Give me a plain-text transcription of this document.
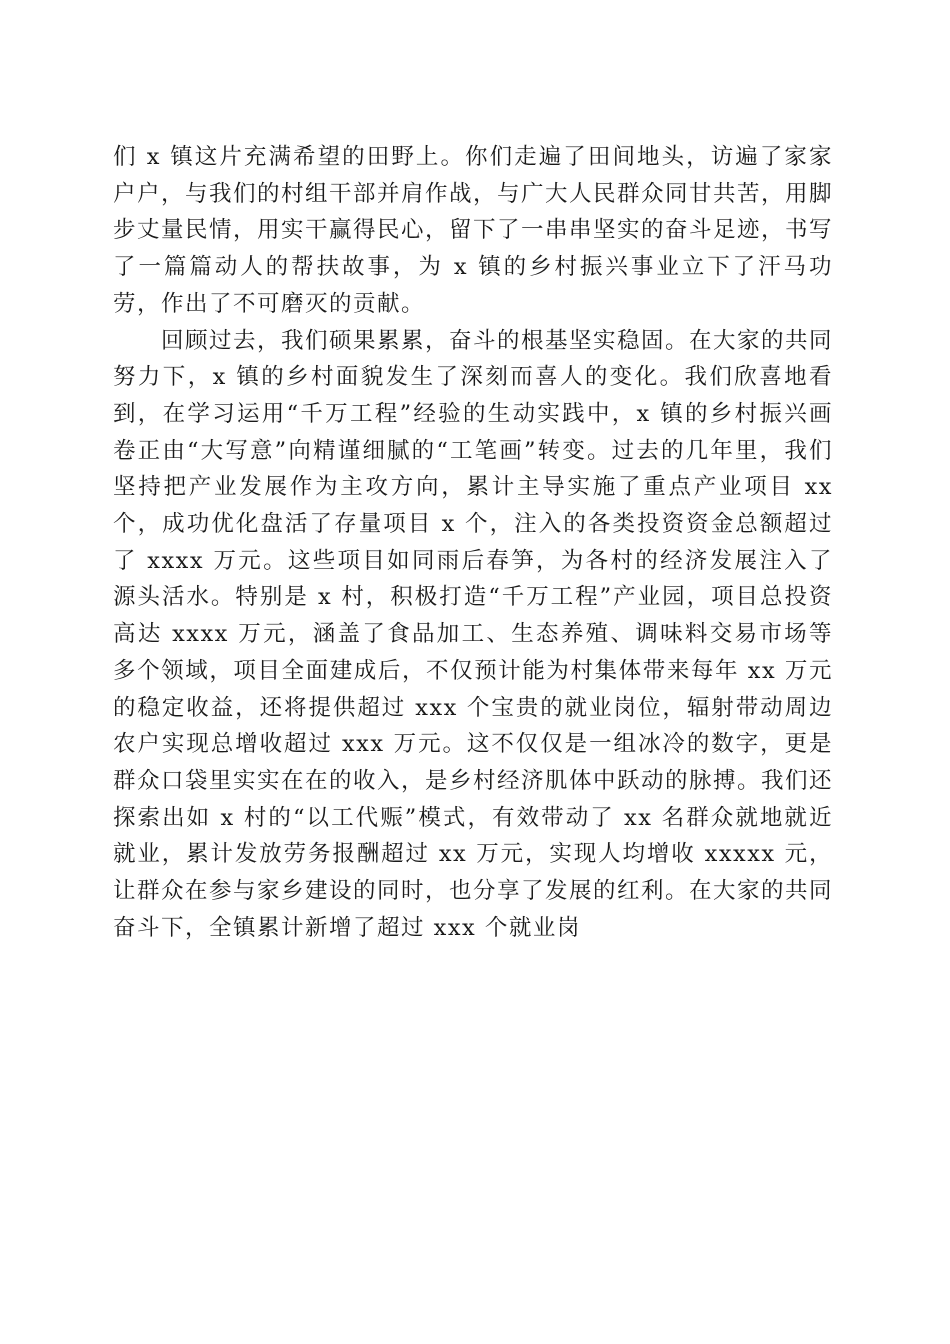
们 x 镇这片充满希望的田野上。你们走遍了田间地头，访遍了家家户户，与我们的村组干部并肩作战，与广大人民群众同甘共苦，用脚步丈量民情，用实干赢得民心，留下了一串串坚实的奋斗足迹，书写了一篇篇动人的帮扶故事，为 x 镇的乡村振兴事业立下了汗马功劳，作出了不可磨灭的贡献。

回顾过去，我们硕果累累，奋斗的根基坚实稳固。在大家的共同努力下，x 镇的乡村面貌发生了深刻而喜人的变化。我们欣喜地看到，在学习运用“千万工程”经验的生动实践中，x 镇的乡村振兴画卷正由“大写意”向精谨细腻的“工笔画”转变。过去的几年里，我们坚持把产业发展作为主攻方向，累计主导实施了重点产业项目 xx 个，成功优化盘活了存量项目 x 个，注入的各类投资资金总额超过了 xxxx 万元。这些项目如同雨后春笋，为各村的经济发展注入了源头活水。特别是 x 村，积极打造“千万工程”产业园，项目总投资高达 xxxx 万元，涵盖了食品加工、生态养殖、调味料交易市场等多个领域，项目全面建成后，不仅预计能为村集体带来每年 xx 万元的稳定收益，还将提供超过 xxx 个宝贵的就业岗位，辐射带动周边农户实现总增收超过 xxx 万元。这不仅仅是一组冰冷的数字，更是群众口袋里实实在在的收入，是乡村经济肌体中跃动的脉搏。我们还探索出如 x 村的“以工代赈”模式，有效带动了 xx 名群众就地就近就业，累计发放劳务报酬超过 xx 万元，实现人均增收 xxxxx 元，让群众在参与家乡建设的同时，也分享了发展的红利。在大家的共同奋斗下，全镇累计新增了超过 xxx 个就业岗
